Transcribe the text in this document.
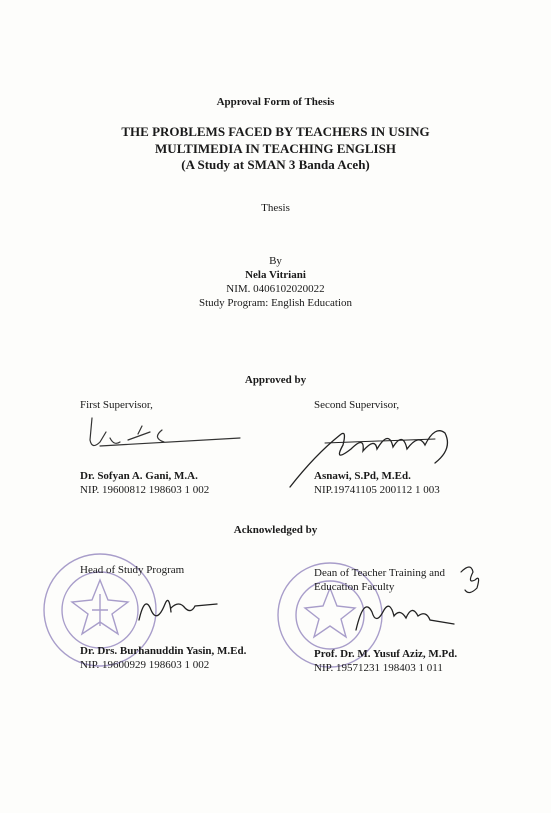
Approval Form of Thesis
THE PROBLEMS FACED BY TEACHERS IN USING
MULTIMEDIA IN TEACHING ENGLISH
(A Study at SMAN 3 Banda Aceh)
Thesis
By
Nela Vitriani
NIM. 0406102020022
Study Program: English Education
Approved by
First Supervisor,
Dr. Sofyan A. Gani, M.A.
NIP. 19600812 198603 1 002
Second Supervisor,
Asnawi, S.Pd, M.Ed.
NIP.19741105 200112 1 003
Acknowledged by
Head of Study Program
Dr. Drs. Burhanuddin Yasin, M.Ed.
NIP. 19600929 198603 1 002
Dean of Teacher Training and
Education Faculty
Prof. Dr. M. Yusuf Aziz, M.Pd.
NIP. 19571231 198403 1 011
